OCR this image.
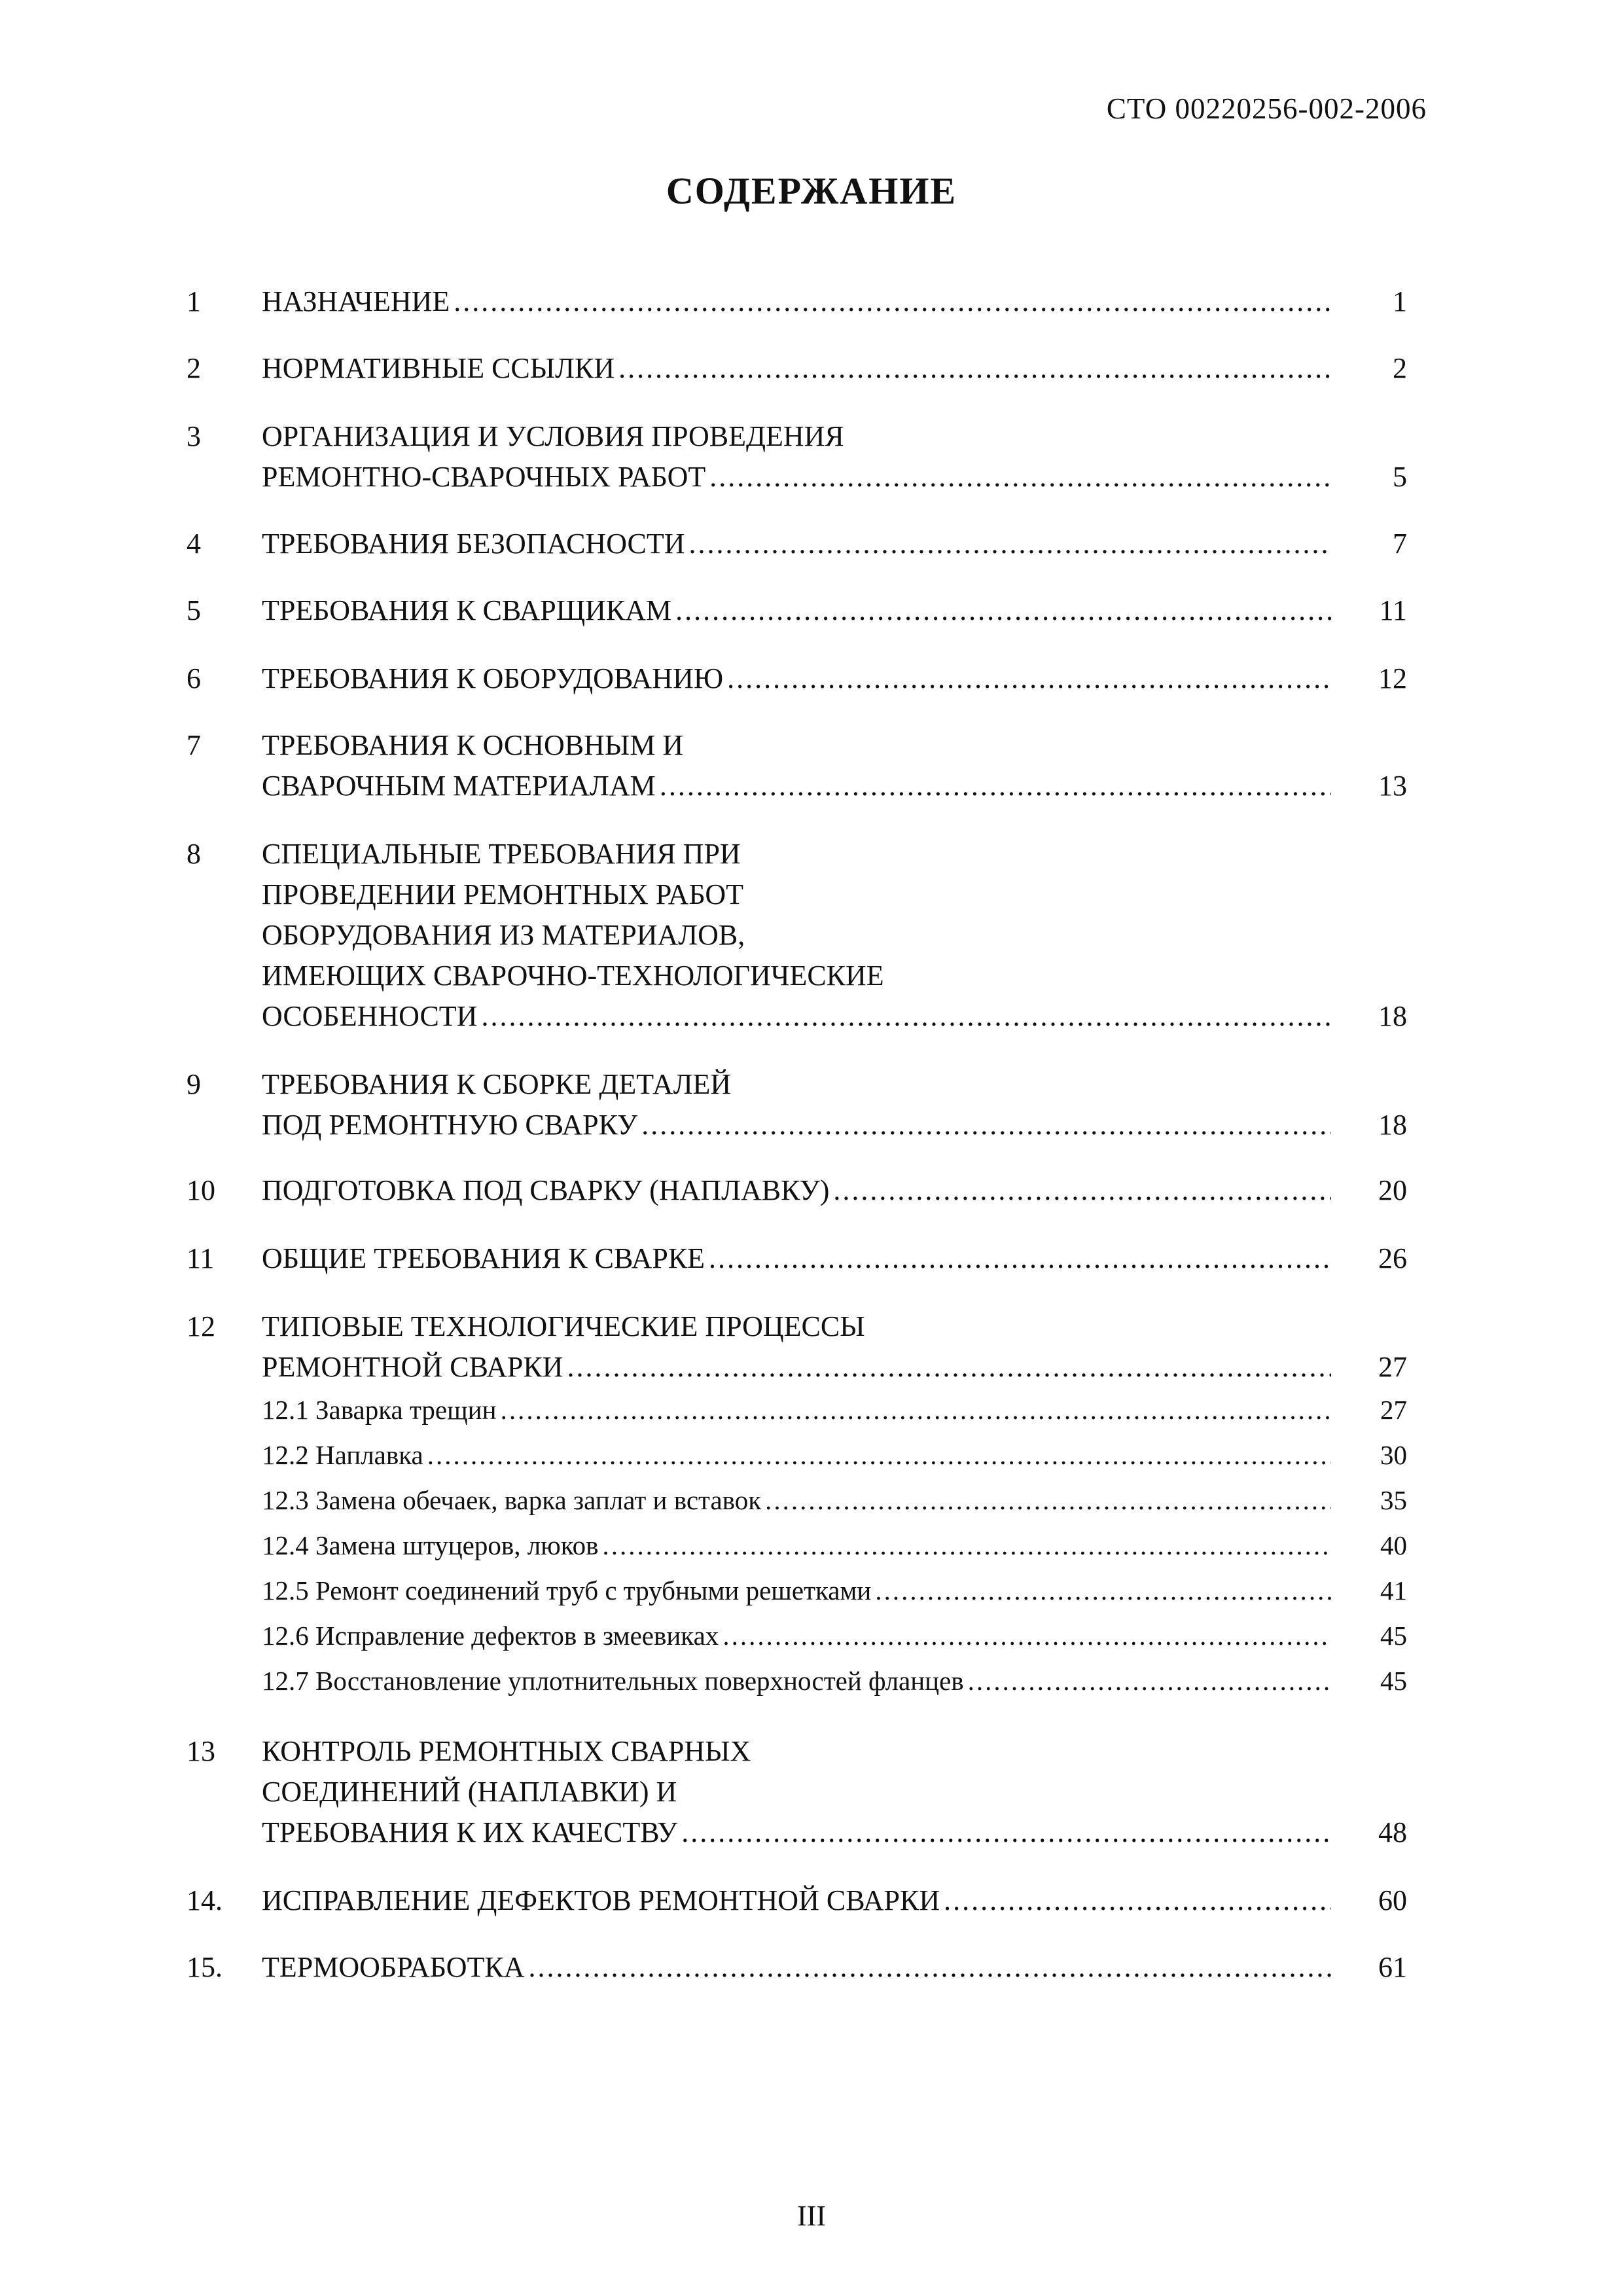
СТО 00220256-002-2006
СОДЕРЖАНИЕ
1	НАЗНАЧЕНИЕ .....	1
2	НОРМАТИВНЫЕ ССЫЛКИ .....	2
3	ОРГАНИЗАЦИЯ И УСЛОВИЯ ПРОВЕДЕНИЯ
РЕМОНТНО-СВАРОЧНЫХ РАБОТ .....	5
4	ТРЕБОВАНИЯ БЕЗОПАСНОСТИ .....	7
5	ТРЕБОВАНИЯ К СВАРЩИКАМ .....	11
6	ТРЕБОВАНИЯ К ОБОРУДОВАНИЮ .....	12
7	ТРЕБОВАНИЯ К ОСНОВНЫМ И
СВАРОЧНЫМ МАТЕРИАЛАМ .....	13
8	СПЕЦИАЛЬНЫЕ ТРЕБОВАНИЯ ПРИ
ПРОВЕДЕНИИ РЕМОНТНЫХ РАБОТ
ОБОРУДОВАНИЯ ИЗ МАТЕРИАЛОВ,
ИМЕЮЩИХ СВАРОЧНО-ТЕХНОЛОГИЧЕСКИЕ
ОСОБЕННОСТИ .....	18
9	ТРЕБОВАНИЯ К СБОРКЕ ДЕТАЛЕЙ
ПОД РЕМОНТНУЮ СВАРКУ .....	18
10	ПОДГОТОВКА ПОД СВАРКУ (НАПЛАВКУ) .....	20
11	ОБЩИЕ ТРЕБОВАНИЯ К СВАРКЕ .....	26
12	ТИПОВЫЕ ТЕХНОЛОГИЧЕСКИЕ ПРОЦЕССЫ
РЕМОНТНОЙ СВАРКИ .....	27
12.1 Заварка трещин .....	27
12.2 Наплавка .....	30
12.3 Замена обечаек, варка заплат и вставок .....	35
12.4 Замена штуцеров, люков .....	40
12.5 Ремонт соединений труб с трубными решетками .....	41
12.6 Исправление дефектов в змеевиках .....	45
12.7 Восстановление уплотнительных поверхностей фланцев .....	45
13	КОНТРОЛЬ РЕМОНТНЫХ СВАРНЫХ
СОЕДИНЕНИЙ (НАПЛАВКИ) И
ТРЕБОВАНИЯ К ИХ КАЧЕСТВУ .....	48
14.	ИСПРАВЛЕНИЕ ДЕФЕКТОВ РЕМОНТНОЙ СВАРКИ .....	60
15.	ТЕРМООБРАБОТКА .....	61
III
